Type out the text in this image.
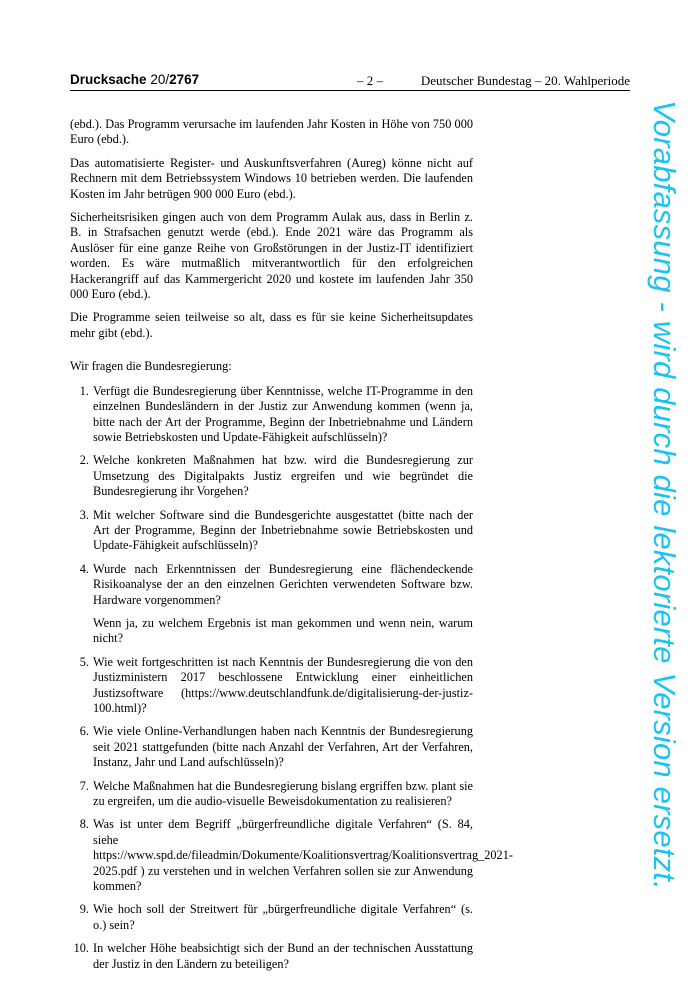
Drucksache 20/2767	– 2 –	Deutscher Bundestag – 20. Wahlperiode

(ebd.). Das Programm verursache im laufenden Jahr Kosten in Höhe von 750 000 Euro (ebd.).

Das automatisierte Register- und Auskunftsverfahren (Aureg) könne nicht auf Rechnern mit dem Betriebssystem Windows 10 betrieben werden. Die laufenden Kosten im Jahr betrügen 900 000 Euro (ebd.).

Sicherheitsrisiken gingen auch von dem Programm Aulak aus, dass in Berlin z. B. in Strafsachen genutzt werde (ebd.). Ende 2021 wäre das Programm als Auslöser für eine ganze Reihe von Großstörungen in der Justiz-IT identifiziert worden. Es wäre mutmaßlich mitverantwortlich für den erfolgreichen Hackerangriff auf das Kammergericht 2020 und kostete im laufenden Jahr 350 000 Euro (ebd.).

Die Programme seien teilweise so alt, dass es für sie keine Sicherheitsupdates mehr gibt (ebd.).

Wir fragen die Bundesregierung:

1. Verfügt die Bundesregierung über Kenntnisse, welche IT-Programme in den einzelnen Bundesländern in der Justiz zur Anwendung kommen (wenn ja, bitte nach der Art der Programme, Beginn der Inbetriebnahme und Ländern sowie Betriebskosten und Update-Fähigkeit aufschlüsseln)?
2. Welche konkreten Maßnahmen hat bzw. wird die Bundesregierung zur Umsetzung des Digitalpakts Justiz ergreifen und wie begründet die Bundesregierung ihr Vorgehen?
3. Mit welcher Software sind die Bundesgerichte ausgestattet (bitte nach der Art der Programme, Beginn der Inbetriebnahme sowie Betriebskosten und Update-Fähigkeit aufschlüsseln)?
4. Wurde nach Erkenntnissen der Bundesregierung eine flächendeckende Risikoanalyse der an den einzelnen Gerichten verwendeten Software bzw. Hardware vorgenommen?
Wenn ja, zu welchem Ergebnis ist man gekommen und wenn nein, warum nicht?
5. Wie weit fortgeschritten ist nach Kenntnis der Bundesregierung die von den Justizministern 2017 beschlossene Entwicklung einer einheitlichen Justizsoftware (https://www.deutschlandfunk.de/digitalisierung-der-justiz-100.html)?
6. Wie viele Online-Verhandlungen haben nach Kenntnis der Bundesregierung seit 2021 stattgefunden (bitte nach Anzahl der Verfahren, Art der Verfahren, Instanz, Jahr und Land aufschlüsseln)?
7. Welche Maßnahmen hat die Bundesregierung bislang ergriffen bzw. plant sie zu ergreifen, um die audio-visuelle Beweisdokumentation zu realisieren?
8. Was ist unter dem Begriff „bürgerfreundliche digitale Verfahren“ (S. 84, siehe https://www.spd.de/fileadmin/Dokumente/Koalitionsvertrag/Koalitionsvertrag_2021-2025.pdf ) zu verstehen und in welchen Verfahren sollen sie zur Anwendung kommen?
9. Wie hoch soll der Streitwert für „bürgerfreundliche digitale Verfahren“ (s. o.) sein?
10. In welcher Höhe beabsichtigt sich der Bund an der technischen Ausstattung der Justiz in den Ländern zu beteiligen?
Vorabfassung - wird durch die lektorierte Version ersetzt.
